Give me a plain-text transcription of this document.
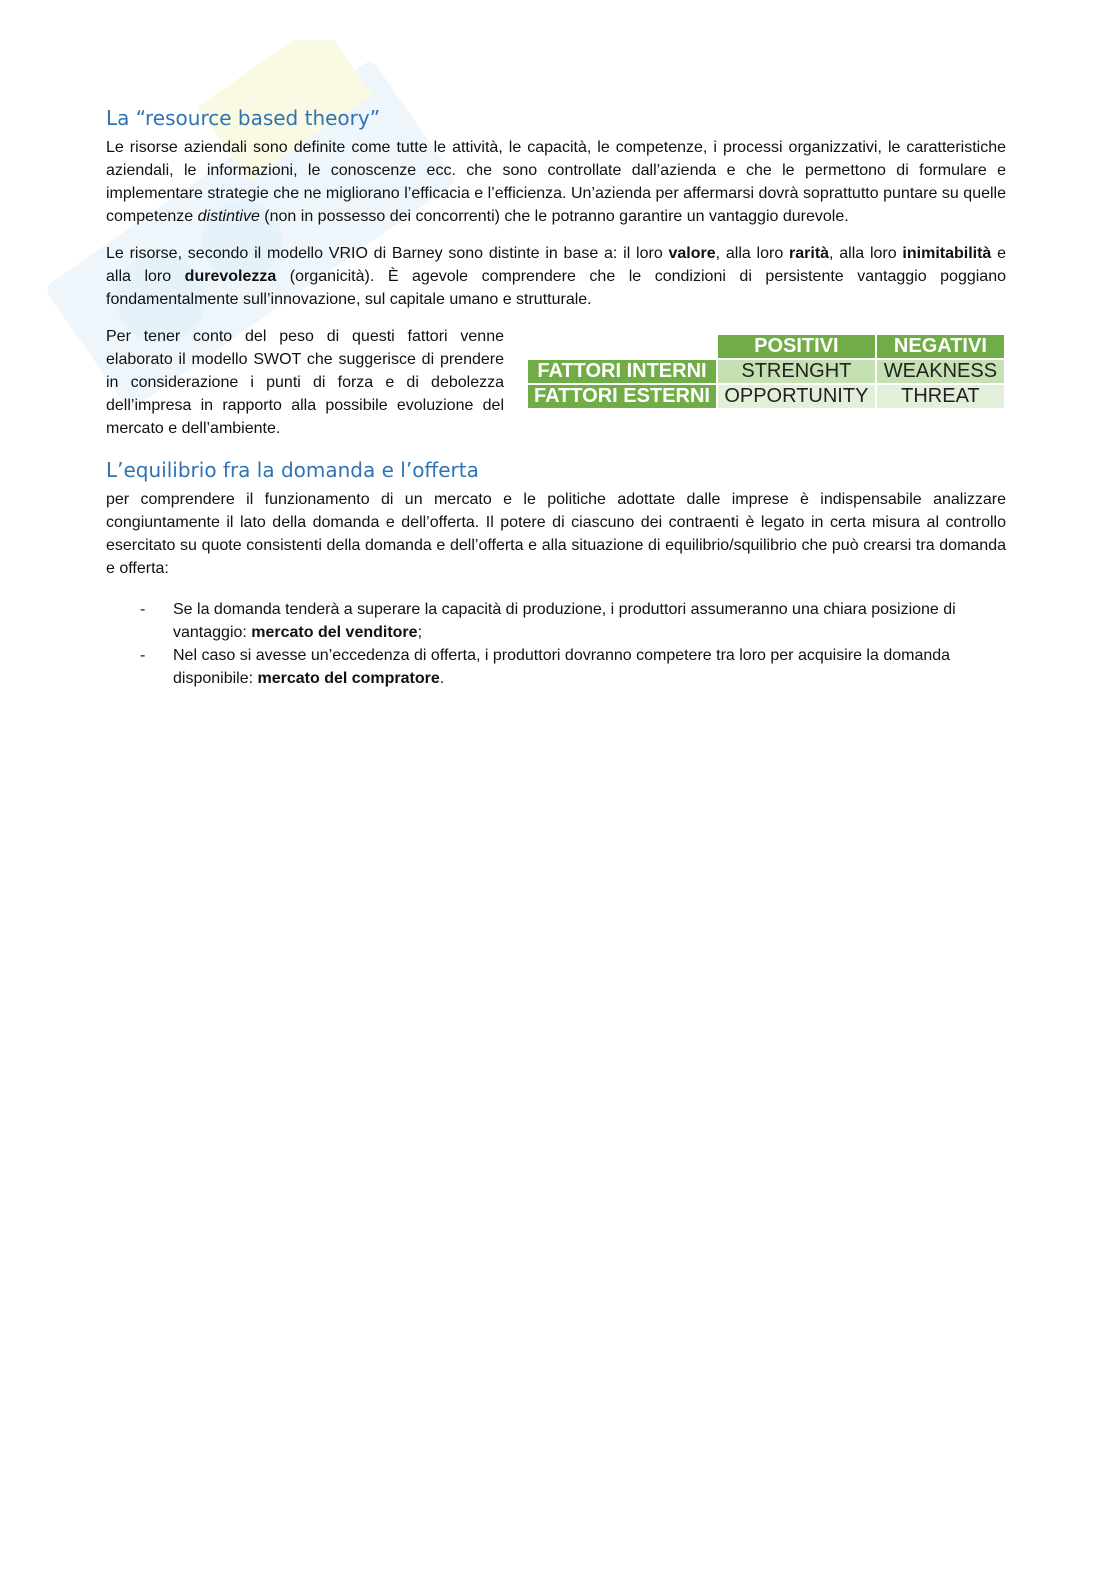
La “resource based theory”

Le risorse aziendali sono definite come tutte le attività, le capacità, le competenze, i processi organizzativi, le caratteristiche aziendali, le informazioni, le conoscenze ecc. che sono controllate dall’azienda e che le permettono di formulare e implementare strategie che ne migliorano l’efficacia e l’efficienza. Un’azienda per affermarsi dovrà soprattutto puntare su quelle competenze distintive (non in possesso dei concorrenti) che le potranno garantire un vantaggio durevole.

Le risorse, secondo il modello VRIO di Barney sono distinte in base a: il loro valore, alla loro rarità, alla loro inimitabilità e alla loro durevolezza (organicità). È agevole comprendere che le condizioni di persistente vantaggio poggiano fondamentalmente sull’innovazione, sul capitale umano e strutturale.

Per tener conto del peso di questi fattori venne elaborato il modello SWOT che suggerisce di prendere in considerazione i punti di forza e di debolezza dell’impresa in rapporto alla possibile evoluzione del mercato e dell’ambiente.

	POSITIVI	NEGATIVI
FATTORI INTERNI	STRENGHT	WEAKNESS
FATTORI ESTERNI	OPPORTUNITY	THREAT
L’equilibrio fra la domanda e l’offerta

per comprendere il funzionamento di un mercato e le politiche adottate dalle imprese è indispensabile analizzare congiuntamente il lato della domanda e dell’offerta. Il potere di ciascuno dei contraenti è legato in certa misura al controllo esercitato su quote consistenti della domanda e dell’offerta e alla situazione di equilibrio/squilibrio che può crearsi tra domanda e offerta:

- Se la domanda tenderà a superare la capacità di produzione, i produttori assumeranno una chiara posizione di vantaggio: mercato del venditore;
- Nel caso si avesse un’eccedenza di offerta, i produttori dovranno competere tra loro per acquisire la domanda disponibile: mercato del compratore.
